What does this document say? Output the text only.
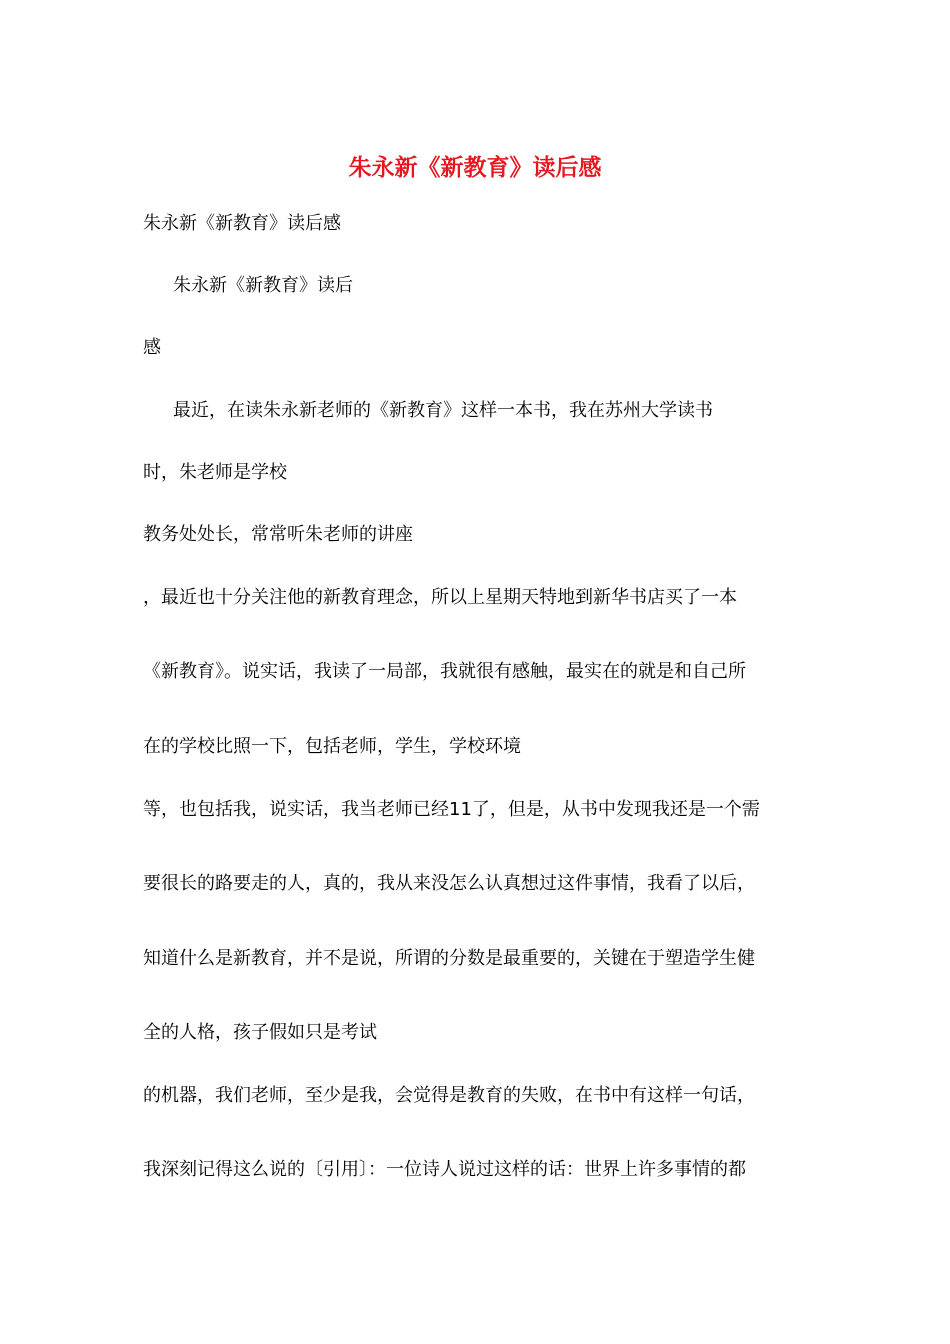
朱永新《新教育》读后感
朱永新《新教育》读后感
朱永新《新教育》读后
感
最近，在读朱永新老师的《新教育》这样一本书，我在苏州大学读书
时，朱老师是学校
教务处处长，常常听朱老师的讲座
，最近也十分关注他的新教育理念，所以上星期天特地到新华书店买了一本
《新教育》。说实话，我读了一局部，我就很有感触，最实在的就是和自己所
在的学校比照一下，包括老师，学生，学校环境
等，也包括我，说实话，我当老师已经11了，但是，从书中发现我还是一个需
要很长的路要走的人，真的，我从来没怎么认真想过这件事情，我看了以后，
知道什么是新教育，并不是说，所谓的分数是最重要的，关键在于塑造学生健
全的人格，孩子假如只是考试
的机器，我们老师，至少是我，会觉得是教育的失败，在书中有这样一句话，
我深刻记得这么说的〔引用〕：一位诗人说过这样的话：世界上许多事情的都
